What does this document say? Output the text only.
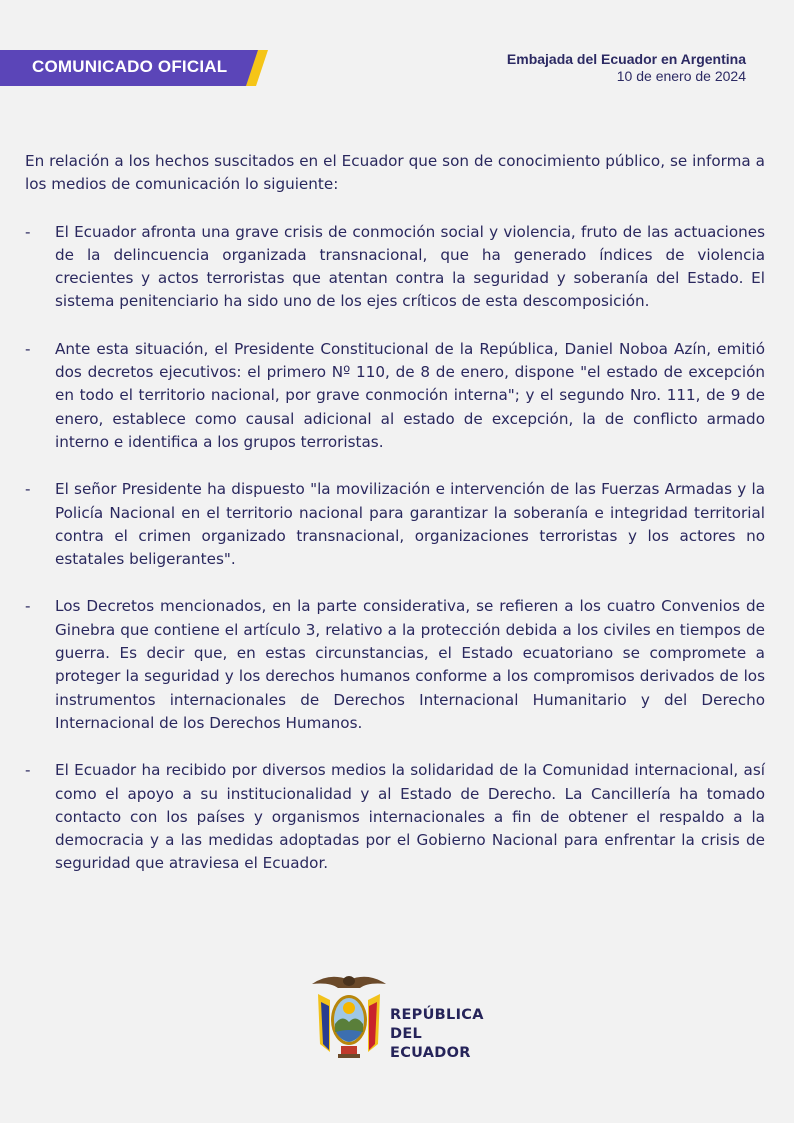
COMUNICADO OFICIAL	Embajada del Ecuador en Argentina
10 de enero de 2024

En relación a los hechos suscitados en el Ecuador que son de conocimiento público, se informa a los medios de comunicación lo siguiente:

- El Ecuador afronta una grave crisis de conmoción social y violencia, fruto de las actuaciones de la delincuencia organizada transnacional, que ha generado índices de violencia crecientes y actos terroristas que atentan contra la seguridad y soberanía del Estado. El sistema penitenciario ha sido uno de los ejes críticos de esta descomposición.
- Ante esta situación, el Presidente Constitucional de la República, Daniel Noboa Azín, emitió dos decretos ejecutivos: el primero Nº 110, de 8 de enero, dispone "el estado de excepción en todo el territorio nacional, por grave conmoción interna"; y el segundo Nro. 111, de 9 de enero, establece como causal adicional al estado de excepción, la de conflicto armado interno e identifica a los grupos terroristas.
- El señor Presidente ha dispuesto "la movilización e intervención de las Fuerzas Armadas y la Policía Nacional en el territorio nacional para garantizar la soberanía e integridad territorial contra el crimen organizado transnacional, organizaciones terroristas y los actores no estatales beligerantes".
- Los Decretos mencionados, en la parte considerativa, se refieren a los cuatro Convenios de Ginebra que contiene el artículo 3, relativo a la protección debida a los civiles en tiempos de guerra. Es decir que, en estas circunstancias, el Estado ecuatoriano se compromete a proteger la seguridad y los derechos humanos conforme a los compromisos derivados de los instrumentos internacionales de Derechos Internacional Humanitario y del Derecho Internacional de los Derechos Humanos.
- El Ecuador ha recibido por diversos medios la solidaridad de la Comunidad internacional, así como el apoyo a su institucionalidad y al Estado de Derecho. La Cancillería ha tomado contacto con los países y organismos internacionales a fin de obtener el respaldo a la democracia y a las medidas adoptadas por el Gobierno Nacional para enfrentar la crisis de seguridad que atraviesa el Ecuador.
REPÚBLICA
DEL ECUADOR
